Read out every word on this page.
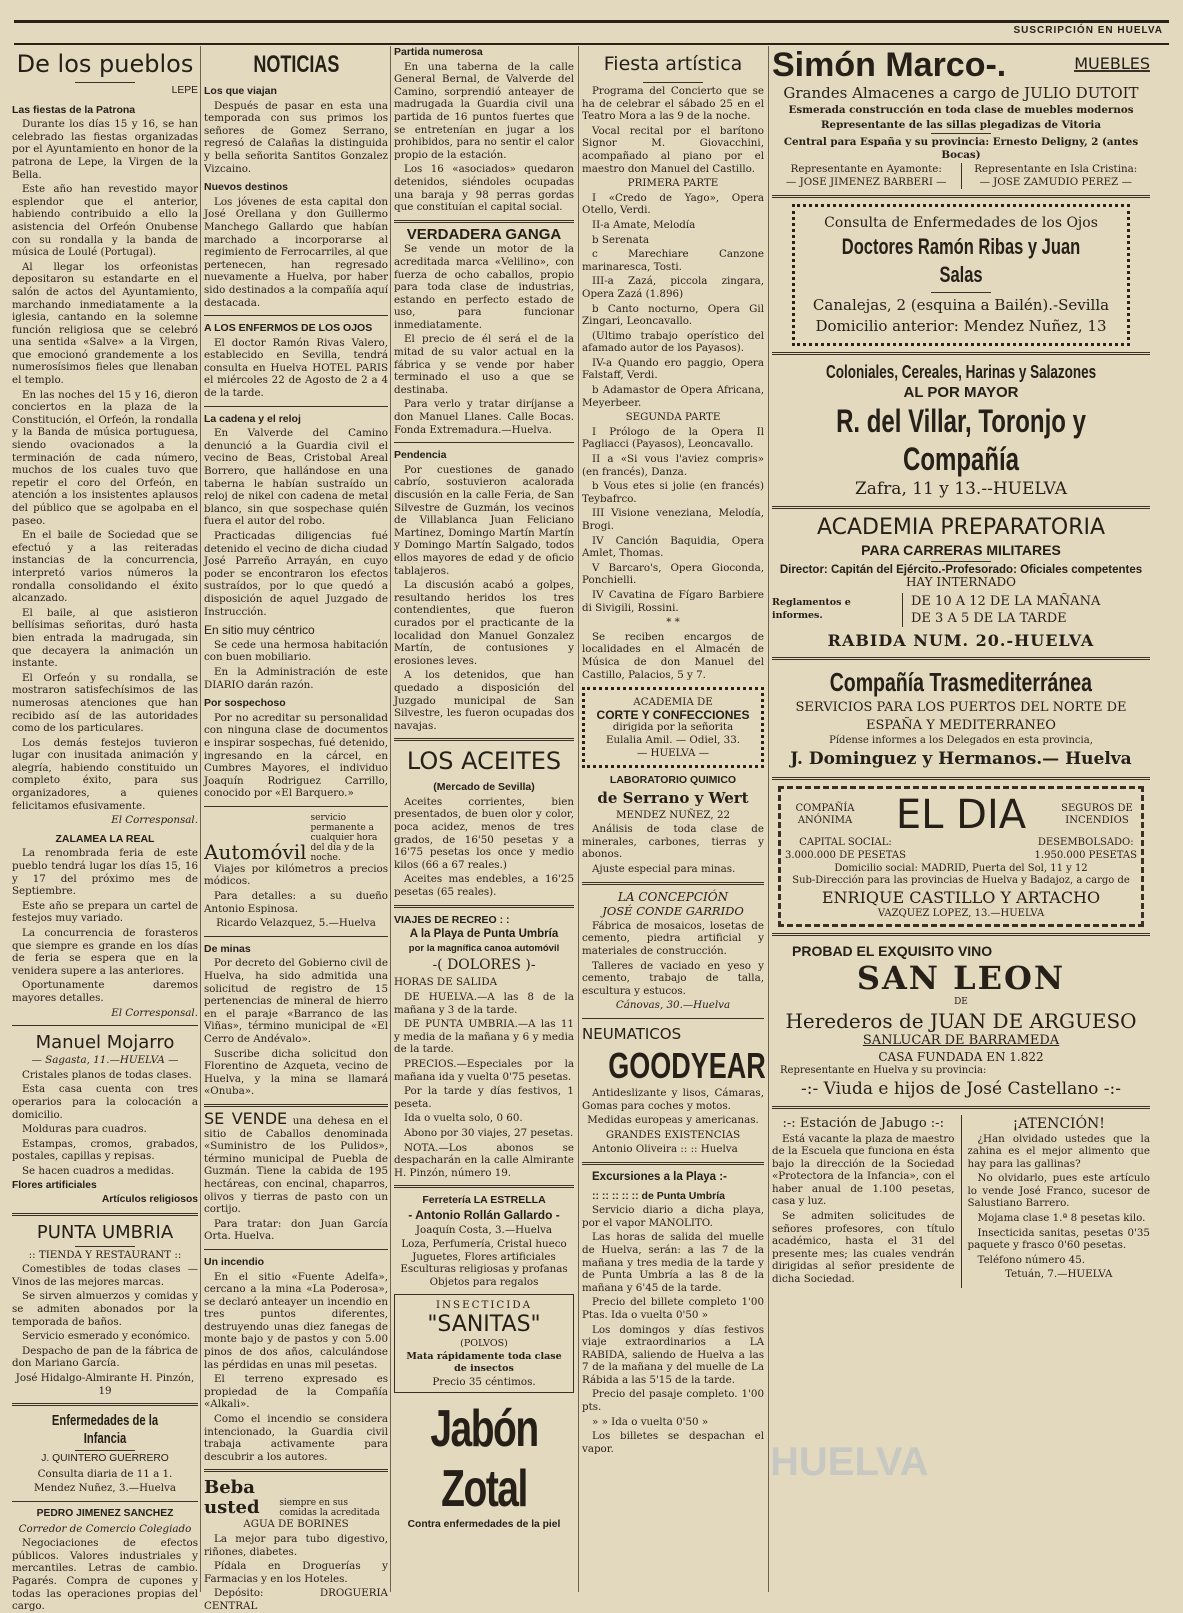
SUSCRIPCIÓN EN HUELVA
De los pueblos

LEPE

Las fiestas de la Patrona

Durante los días 15 y 16, se han celebrado las fiestas organizadas por el Ayuntamiento en honor de la patrona de Lepe, la Virgen de la Bella.

Este año han revestido mayor esplendor que el anterior, habiendo contribuido a ello la asistencia del Orfeón Onubense con su rondalla y la banda de música de Loulé (Portugal).

Al llegar los orfeonistas depositaron su estandarte en el salón de actos del Ayuntamiento, marchando inmediatamente a la iglesia, cantando en la solemne función religiosa que se celebró una sentida «Salve» a la Virgen, que emocionó grandemente a los numerosísimos fieles que llenaban el templo.

En las noches del 15 y 16, dieron conciertos en la plaza de la Constitución, el Orfeón, la rondalla y la Banda de música portuguesa, siendo ovacionados a la terminación de cada número, muchos de los cuales tuvo que repetir el coro del Orfeón, en atención a los insistentes aplausos del público que se agolpaba en el paseo.

En el baile de Sociedad que se efectuó y a las reiteradas instancias de la concurrencia, interpretó varios números la rondalla consolidando el éxito alcanzado.

El baile, al que asistieron bellísimas señoritas, duró hasta bien entrada la madrugada, sin que decayera la animación un instante.

El Orfeón y su rondalla, se mostraron satisfechísimos de las numerosas atenciones que han recibido así de las autoridades como de los particulares.

Los demás festejos tuvieron lugar con inusitada animación y alegría, habiendo constituido un completo éxito, para sus organizadores, a quienes felicitamos efusivamente.

El Corresponsal.

ZALAMEA LA REAL

La renombrada feria de este pueblo tendrá lugar los días 15, 16 y 17 del próximo mes de Septiembre.

Este año se prepara un cartel de festejos muy variado.

La concurrencia de forasteros que siempre es grande en los días de feria se espera que en la venidera supere a las anteriores.

Oportunamente daremos mayores detalles.

El Corresponsal.

Manuel Mojarro

— Sagasta, 11.—HUELVA —

Cristales planos de todas clases.

Esta casa cuenta con tres operarios para la colocación a domicilio.

Molduras para cuadros.

Estampas, cromos, grabados, postales, capillas y repisas.

Se hacen cuadros a medidas.

Flores artificiales

Artículos religiosos

PUNTA UMBRIA

:: TIENDA Y RESTAURANT ::

Comestibles de todas clases — Vinos de las mejores marcas.

Se sirven almuerzos y comidas y se admiten abonados por la temporada de baños.

Servicio esmerado y económico.

Despacho de pan de la fábrica de don Mariano García.

José Hidalgo-Almirante H. Pinzón, 19

Enfermedades de la Infancia

J. QUINTERO GUERRERO

Consulta diaria de 11 a 1.

Mendez Nuñez, 3.—Huelva

PEDRO JIMENEZ SANCHEZ

Corredor de Comercio Colegiado

Negociaciones de efectos públicos. Valores industriales y mercantiles. Letras de cambio. Pagarés. Compra de cupones y todas las operaciones propias del cargo.

NOTICIAS
Los que viajan

Después de pasar en esta una temporada con sus primos los señores de Gomez Serrano, regresó de Calañas la distinguida y bella señorita Santitos Gonzalez Vizcaino.

Nuevos destinos

Los jóvenes de esta capital don José Orellana y don Guillermo Manchego Gallardo que habían marchado a incorporarse al regimiento de Ferrocarriles, al que pertenecen, han regresado nuevamente a Huelva, por haber sido destinados a la compañía aquí destacada.

A LOS ENFERMOS DE LOS OJOS

El doctor Ramón Rivas Valero, establecido en Sevilla, tendrá consulta en Huelva HOTEL PARIS el miércoles 22 de Agosto de 2 a 4 de la tarde.

La cadena y el reloj

En Valverde del Camino denunció a la Guardia civil el vecino de Beas, Cristobal Areal Borrero, que hallándose en una taberna le habían sustraído un reloj de nikel con cadena de metal blanco, sin que sospechase quién fuera el autor del robo.

Practicadas diligencias fué detenido el vecino de dicha ciudad José Parreño Arrayán, en cuyo poder se encontraron los efectos sustraídos, por lo que quedó a disposición de aquel Juzgado de Instrucción.

En sitio muy céntrico

Se cede una hermosa habitación con buen mobiliario.

En la Administración de este DIARIO darán razón.

Por sospechoso

Por no acreditar su personalidad con ninguna clase de documentos e inspirar sospechas, fué detenido, ingresando en la cárcel, en Cumbres Mayores, el individuo Joaquín Rodriguez Carrillo, conocido por «El Barquero.»

Automóvil
servicio permanente a cualquier hora del día y de la noche.

Viajes por kilómetros a precios módicos.

Para detalles: a su dueño Antonio Espinosa.

Ricardo Velazquez, 5.—Huelva

De minas

Por decreto del Gobierno civil de Huelva, ha sido admitida una solicitud de registro de 15 pertenencias de mineral de hierro en el paraje «Barranco de las Viñas», término municipal de «El Cerro de Andévalo».

Suscribe dicha solicitud don Florentino de Azqueta, vecino de Huelva, y la mina se llamará «Onuba».

SE VENDE una dehesa en el sitio de Caballos denominada «Suministro de los Pulidos», término municipal de Puebla de Guzmán. Tiene la cabida de 195 hectáreas, con encinal, chaparros, olivos y tierras de pasto con un cortijo.

Para tratar: don Juan García Orta. Huelva.

Un incendio

En el sitio «Fuente Adelfa», cercano a la mina «La Poderosa», se declaró anteayer un incendio en tres puntos diferentes, destruyendo unas diez fanegas de monte bajo y de pastos y con 5.00 pinos de dos años, calculándose las pérdidas en unas mil pesetas.

El terreno expresado es propiedad de la Compañía «Alkali».

Como el incendio se considera intencionado, la Guardia civil trabaja activamente para descubrir a los autores.

Beba usted	siempre en sus comidas la acreditada

AGUA DE BORINES

La mejor para tubo digestivo, riñones, diabetes.

Pídala en Droguerías y Farmacias y en los Hoteles.

Depósito: DROGUERIA CENTRAL

Partida numerosa

En una taberna de la calle General Bernal, de Valverde del Camino, sorprendió anteayer de madrugada la Guardia civil una partida de 16 puntos fuertes que se entretenían en jugar a los prohibidos, para no sentir el calor propio de la estación.

Los 16 «asociados» quedaron detenidos, siéndoles ocupadas una baraja y 98 perras gordas que constituían el capital social.

VERDADERA GANGA

Se vende un motor de la acreditada marca «Velilino», con fuerza de ocho caballos, propio para toda clase de industrias, estando en perfecto estado de uso, para funcionar inmediatamente.

El precio de él será el de la mitad de su valor actual en la fábrica y se vende por haber terminado el uso a que se destinaba.

Para verlo y tratar diríjanse a don Manuel Llanes. Calle Bocas. Fonda Extremadura.—Huelva.

Pendencia

Por cuestiones de ganado cabrío, sostuvieron acalorada discusión en la calle Feria, de San Silvestre de Guzmán, los vecinos de Villablanca Juan Feliciano Martinez, Domingo Martín Martín y Domingo Martín Salgado, todos ellos mayores de edad y de oficio tablajeros.

La discusión acabó a golpes, resultando heridos los tres contendientes, que fueron curados por el practicante de la localidad don Manuel Gonzalez Martín, de contusiones y erosiones leves.

A los detenidos, que han quedado a disposición del Juzgado municipal de San Silvestre, les fueron ocupadas dos navajas.

LOS ACEITES

(Mercado de Sevilla)

Aceites corrientes, bien presentados, de buen olor y color, poca acidez, menos de tres grados, de 16'50 pesetas y a 16'75 pesetas los once y medio kilos (66 a 67 reales.)

Aceites mas endebles, a 16'25 pesetas (65 reales).

VIAJES DE RECREO : :

A la Playa de Punta Umbría

por la magnífica canoa automóvil

-( DOLORES )-

HORAS DE SALIDA

DE HUELVA.—A las 8 de la mañana y 3 de la tarde.

DE PUNTA UMBRIA.—A las 11 y media de la mañana y 6 y media de la tarde.

PRECIOS.—Especiales por la mañana ida y vuelta 0'75 pesetas.

Por la tarde y días festivos, 1 peseta.

Ida o vuelta solo, 0 60.

Abono por 30 viajes, 27 pesetas.

NOTA.—Los abonos se despacharán en la calle Almirante H. Pinzón, número 19.

Ferretería LA ESTRELLA

- Antonio Rollán Gallardo -

Joaquín Costa, 3.—Huelva

Loza, Perfumería, Cristal hueco Juguetes, Flores artificiales Esculturas religiosas y profanas Objetos para regalos

INSECTICIDA
"SANITAS"
(POLVOS)
Mata rápidamente toda clase de insectos
Precio 35 céntimos.
Jabón Zotal

Contra enfermedades de la piel

Fiesta artística

Programa del Concierto que se ha de celebrar el sábado 25 en el Teatro Mora a las 9 de la noche.

Vocal recital por el barítono Signor M. Giovacchini, acompañado al piano por el maestro don Manuel del Castillo.

PRIMERA PARTE

I «Credo de Yago», Opera Otello, Verdi.

II-a Amate, Melodía

b Serenata

c Marechiare Canzone marinaresca, Tosti.

III-a Zazá, piccola zingara, Opera Zazá (1.896)

b Canto nocturno, Opera Gil Zingari, Leoncavallo.

(Ultimo trabajo operístico del afamado autor de los Payasos).

IV-a Quando ero paggio, Opera Falstaff, Verdi.

b Adamastor de Opera Africana, Meyerbeer.

SEGUNDA PARTE

I Prólogo de la Opera Il Pagliacci (Payasos), Leoncavallo.

II a «Si vous l'aviez compris» (en francés), Danza.

b Vous etes si jolie (en francés) Teybafrco.

III Visione veneziana, Melodía, Brogi.

IV Canción Baquidia, Opera Amlet, Thomas.

V Barcaro's, Opera Gioconda, Ponchielli.

IV Cavatina de Fígaro Barbiere di Sivigili, Rossini.

* *

Se reciben encargos de localidades en el Almacén de Música de don Manuel del Castillo, Palacios, 5 y 7.

ACADEMIA DE
CORTE Y CONFECCIONES
dirigida por la señorita
Eulalia Amil. — Odiel, 33.
— HUELVA —

LABORATORIO QUIMICO

de Serrano y Wert

MENDEZ NUÑEZ, 22

Análisis de toda clase de minerales, carbones, tierras y abonos.

Ajuste especial para minas.

LA CONCEPCIÓN

JOSÉ CONDE GARRIDO

Fábrica de mosaicos, losetas de cemento, piedra artificial y materiales de construcción.

Talleres de vaciado en yeso y cemento, trabajo de talla, escultura y estucos.

Cánovas, 30.—Huelva

NEUMATICOS

GOODYEAR

Antideslizante y lisos, Cámaras, Gomas para coches y motos.

Medidas europeas y americanas.

GRANDES EXISTENCIAS

Antonio Oliveira :: :: Huelva

Excursiones a la Playa :-

:: :: :: :: :: de Punta Umbría

Servicio diario a dicha playa, por el vapor MANOLITO.

Las horas de salida del muelle de Huelva, serán: a las 7 de la mañana y tres media de la tarde y de Punta Umbría a las 8 de la mañana y 6'45 de la tarde.

Precio del billete completo 1'00 Ptas. Ida o vuelta 0'50 »

Los domingos y días festivos viaje extraordinarios a LA RABIDA, saliendo de Huelva a las 7 de la mañana y del muelle de La Rábida a las 5'15 de la tarde.

Precio del pasaje completo. 1'00 pts.

» » Ida o vuelta 0'50 »

Los billetes se despachan el vapor.

Simón Marco-.	MUEBLES

Grandes Almacenes a cargo de JULIO DUTOIT

Esmerada construcción en toda clase de muebles modernos

Representante de las sillas plegadizas de Vitoria

Central para España y su provincia: Ernesto Deligny, 2 (antes Bocas)

Representante en Ayamonte:
— JOSE JIMENEZ BARBERI —
Representante en Isla Cristina:
— JOSE ZAMUDIO PEREZ —
Consulta de Enfermedades de los Ojos
Doctores Ramón Ribas y Juan Salas
Canalejas, 2 (esquina a Bailén).-Sevilla
Domicilio anterior: Mendez Nuñez, 13
Coloniales, Cereales, Harinas y Salazones
AL POR MAYOR
R. del Villar, Toronjo y Compañía
Zafra, 11 y 13.--HUELVA
ACADEMIA PREPARATORIA
PARA CARRERAS MILITARES
Director: Capitán del Ejército.-Profesorado: Oficiales competentes
HAY INTERNADO
Reglamentos e informes.
DE 10 A 12 DE LA MAÑANA
DE 3 A 5 DE LA TARDE
RABIDA NUM. 20.-HUELVA
Compañía Trasmediterránea
SERVICIOS PARA LOS PUERTOS DEL NORTE DE ESPAÑA Y MEDITERRANEO
Pídense informes a los Delegados en esta provincia,
J. Dominguez y Hermanos.— Huelva
COMPAÑÍA ANÓNIMA	EL DIA	SEGUROS DE INCENDIOS
CAPITAL SOCIAL:
3.000.000 DE PESETAS
DESEMBOLSADO:
1.950.000 PESETAS
Domicilio social: MADRID, Puerta del Sol, 11 y 12
Sub-Dirección para las provincias de Huelva y Badajoz, a cargo de
ENRIQUE CASTILLO Y ARTACHO
VAZQUEZ LOPEZ, 13.—HUELVA
PROBAD EL EXQUISITO VINO
SAN LEON
DE
Herederos de JUAN DE ARGUESO
SANLUCAR DE BARRAMEDA
CASA FUNDADA EN 1.822
Representante en Huelva y su provincia:
-:- Viuda e hijos de José Castellano -:-
:-: Estación de Jabugo :-:

Está vacante la plaza de maestro de la Escuela que funciona en ésta bajo la dirección de la Sociedad «Protectora de la Infancia», con el haber anual de 1.100 pesetas, casa y luz.

Se admiten solicitudes de señores profesores, con título académico, hasta el 31 del presente mes; las cuales vendrán dirigidas al señor presidente de dicha Sociedad.

¡ATENCIÓN!

¿Han olvidado ustedes que la zahina es el mejor alimento que hay para las gallinas?

No olvidarlo, pues este artículo lo vende José Franco, sucesor de Salustiano Barrero.

Mojama clase 1.ª 8 pesetas kilo.

Insecticida sanitas, pesetas 0'35 paquete y frasco 0'60 pesetas.

Teléfono número 45.

Tetuán, 7.—HUELVA

HUELVA
